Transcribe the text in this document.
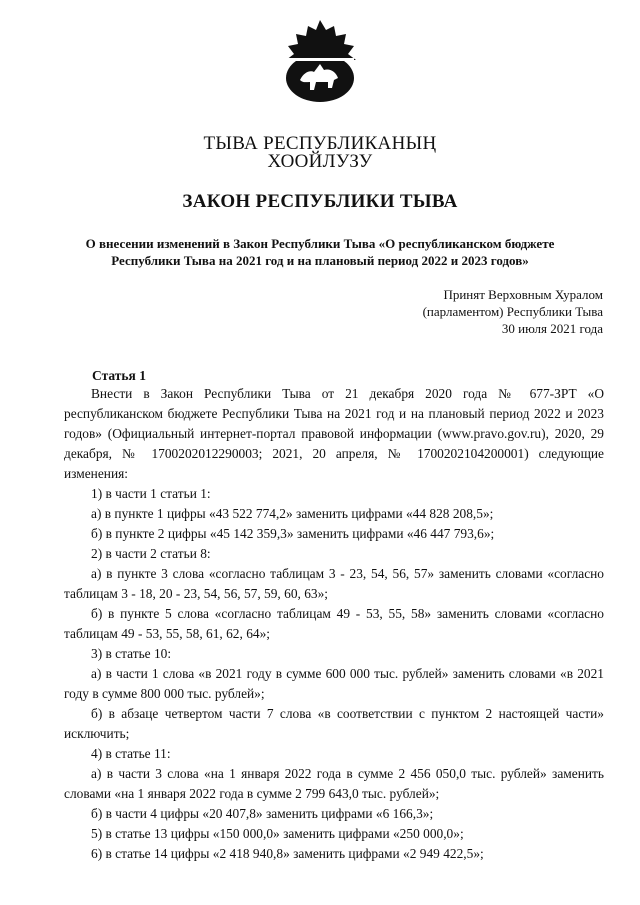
ТЫВА РЕСПУБЛИКАНЫҢ
ХООЙЛУЗУ
ЗАКОН РЕСПУБЛИКИ ТЫВА
О внесении изменений в Закон Республики Тыва «О республиканском бюджете
Республики Тыва на 2021 год и на плановый период 2022 и 2023 годов»
Принят Верховным Хуралом
(парламентом) Республики Тыва
30 июля 2021 года
Статья 1

Внести в Закон Республики Тыва от 21 декабря 2020 года № 677-ЗРТ «О республиканском бюджете Республики Тыва на 2021 год и на плановый период 2022 и 2023 годов» (Официальный интернет-портал правовой информации (www.pravo.gov.ru), 2020, 29 декабря, № 1700202012290003; 2021, 20 апреля, № 1700202104200001) следующие изменения:

1) в части 1 статьи 1:

а) в пункте 1 цифры «43 522 774,2» заменить цифрами «44 828 208,5»;

б) в пункте 2 цифры «45 142 359,3» заменить цифрами «46 447 793,6»;

2) в части 2 статьи 8:

а) в пункте 3 слова «согласно таблицам 3 - 23, 54, 56, 57» заменить словами «согласно таблицам 3 - 18, 20 - 23, 54, 56, 57, 59, 60, 63»;

б) в пункте 5 слова «согласно таблицам 49 - 53, 55, 58» заменить словами «согласно таблицам 49 - 53, 55, 58, 61, 62, 64»;

3) в статье 10:

а) в части 1 слова «в 2021 году в сумме 600 000 тыс. рублей» заменить словами «в 2021 году в сумме 800 000 тыс. рублей»;

б) в абзаце четвертом части 7 слова «в соответствии с пунктом 2 настоящей части» исключить;

4) в статье 11:

а) в части 3 слова «на 1 января 2022 года в сумме 2 456 050,0 тыс. рублей» заменить словами «на 1 января 2022 года в сумме 2 799 643,0 тыс. рублей»;

б) в части 4 цифры «20 407,8» заменить цифрами «6 166,3»;

5) в статье 13 цифры «150 000,0» заменить цифрами «250 000,0»;

6) в статье 14 цифры «2 418 940,8» заменить цифрами «2 949 422,5»;
